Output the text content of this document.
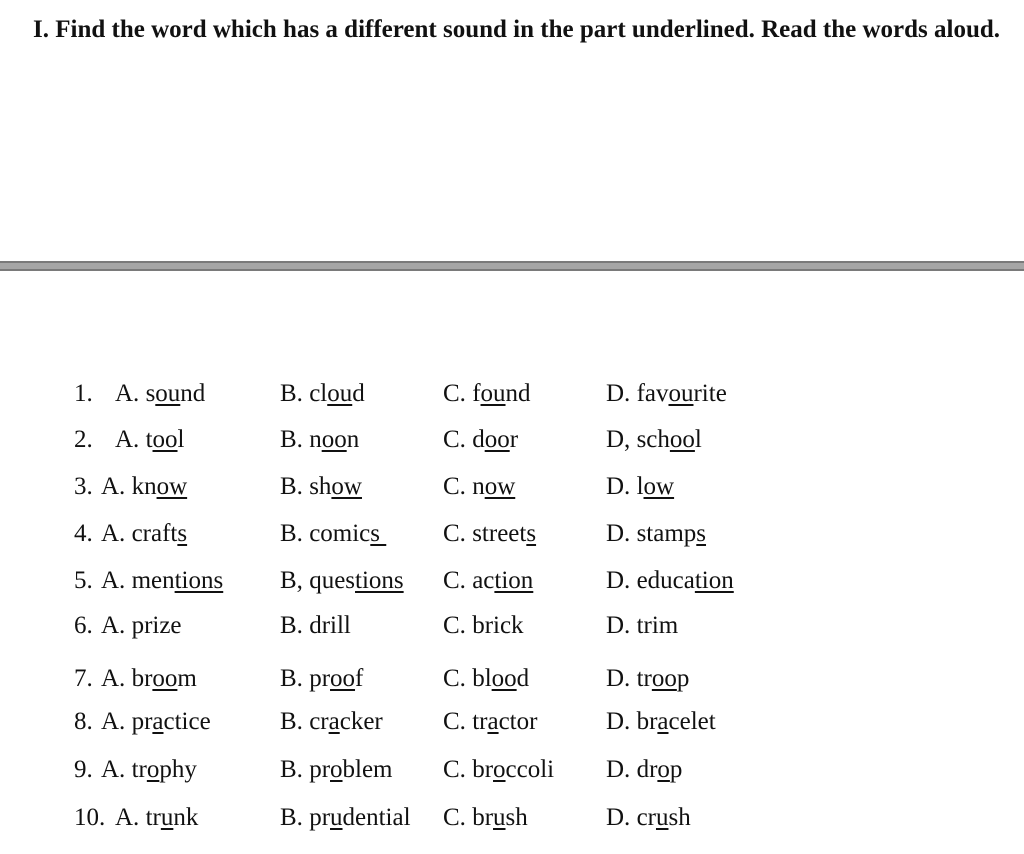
I. Find the word which has a different sound in the part underlined. Read the words aloud.

1. A. sound	B. cloud	C. found	D. favourite
2. A. tool	B. noon	C. door	D, school
3. A. know	B. show	C. now	D. low
4. A. crafts	B. comics C. streets	D. stamps
5. A. mentions B, questions C. action	D. education
6. A. prize	B. drill	C. brick	D. trim
7. A. broom	B. proof	C. blood	D. troop
8. A. practice	B. cracker C. tractor	D. bracelet
9. A. trophy	B. problem C. broccoli D. drop
10. A. trunk	B. prudential C. brush	D. crush
